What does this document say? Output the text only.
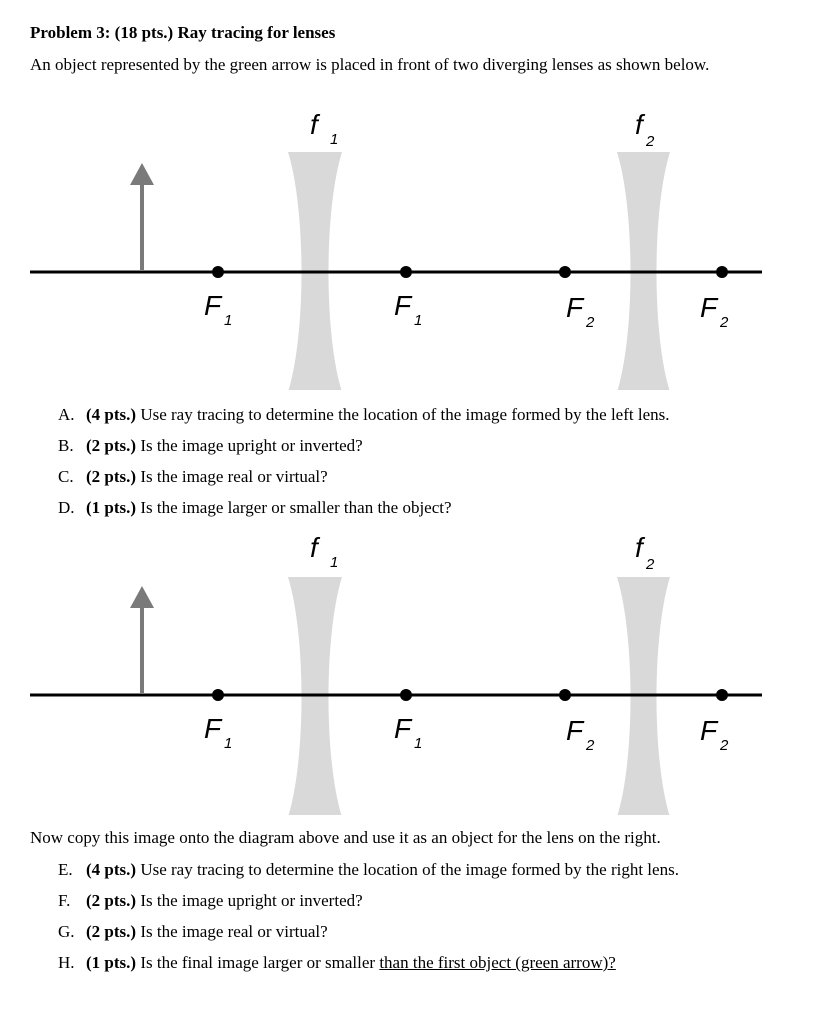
Problem 3: (18 pts.) Ray tracing for lenses
An object represented by the green arrow is placed in front of two diverging lenses as shown below.
f 1	f
2
F 1	F 1	F 2	F 2
A. (4 pts.) Use ray tracing to determine the location of the image formed by the left lens.
B. (2 pts.) Is the image upright or inverted?
C. (2 pts.) Is the image real or virtual?
D. (1 pts.) Is the image larger or smaller than the object?
f 1	f
2
F 1	F 1	F 2	F 2
Now copy this image onto the diagram above and use it as an object for the lens on the right.
E. (4 pts.) Use ray tracing to determine the location of the image formed by the right lens.
F. (2 pts.) Is the image upright or inverted?
G. (2 pts.) Is the image real or virtual?
H. (1 pts.) Is the final image larger or smaller than the first object (green arrow)?
